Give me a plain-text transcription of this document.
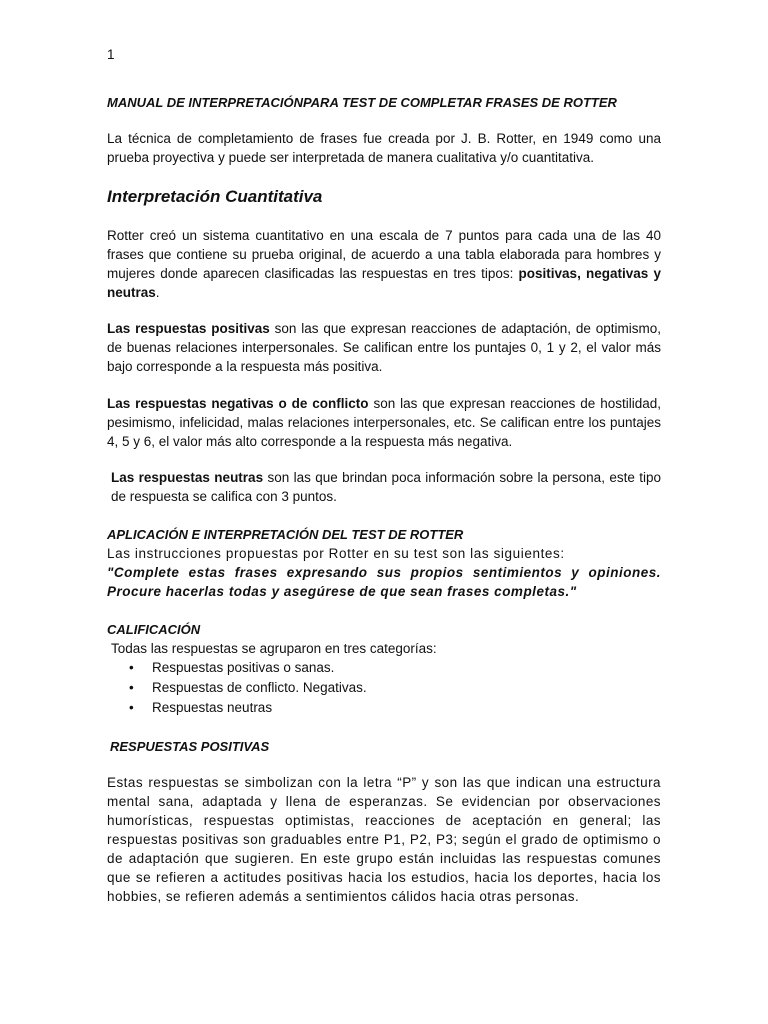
1
MANUAL DE INTERPRETACIÓNPARA TEST DE COMPLETAR FRASES DE ROTTER
La técnica de completamiento de frases fue creada por J. B. Rotter, en 1949 como una prueba proyectiva y puede ser interpretada de manera cualitativa y/o cuantitativa.
Interpretación Cuantitativa
Rotter creó un sistema cuantitativo en una escala de 7 puntos para cada una de las 40 frases que contiene su prueba original, de acuerdo a una tabla elaborada para hombres y mujeres donde aparecen clasificadas las respuestas en tres tipos: positivas, negativas y neutras.
Las respuestas positivas son las que expresan reacciones de adaptación, de optimismo, de buenas relaciones interpersonales. Se califican entre los puntajes 0, 1 y 2, el valor más bajo corresponde a la respuesta más positiva.
Las respuestas negativas o de conflicto son las que expresan reacciones de hostilidad, pesimismo, infelicidad, malas relaciones interpersonales, etc. Se califican entre los puntajes 4, 5 y 6, el valor más alto corresponde a la respuesta más negativa.
Las respuestas neutras son las que brindan poca información sobre la persona, este tipo de respuesta se califica con 3 puntos.
APLICACIÓN E INTERPRETACIÓN DEL TEST DE ROTTER
Las instrucciones propuestas por Rotter en su test son las siguientes:
"Complete estas frases expresando sus propios sentimientos y opiniones. Procure hacerlas todas y asegúrese de que sean frases completas."
CALIFICACIÓN
Todas las respuestas se agruparon en tres categorías:
• Respuestas positivas o sanas.
• Respuestas de conflicto. Negativas.
• Respuestas neutras
RESPUESTAS POSITIVAS
Estas respuestas se simbolizan con la letra “P” y son las que indican una estructura mental sana, adaptada y llena de esperanzas. Se evidencian por observaciones humorísticas, respuestas optimistas, reacciones de aceptación en general; las respuestas positivas son graduables entre P1, P2, P3; según el grado de optimismo o de adaptación que sugieren. En este grupo están incluidas las respuestas comunes que se refieren a actitudes positivas hacia los estudios, hacia los deportes, hacia los hobbies, se refieren además a sentimientos cálidos hacia otras personas.
